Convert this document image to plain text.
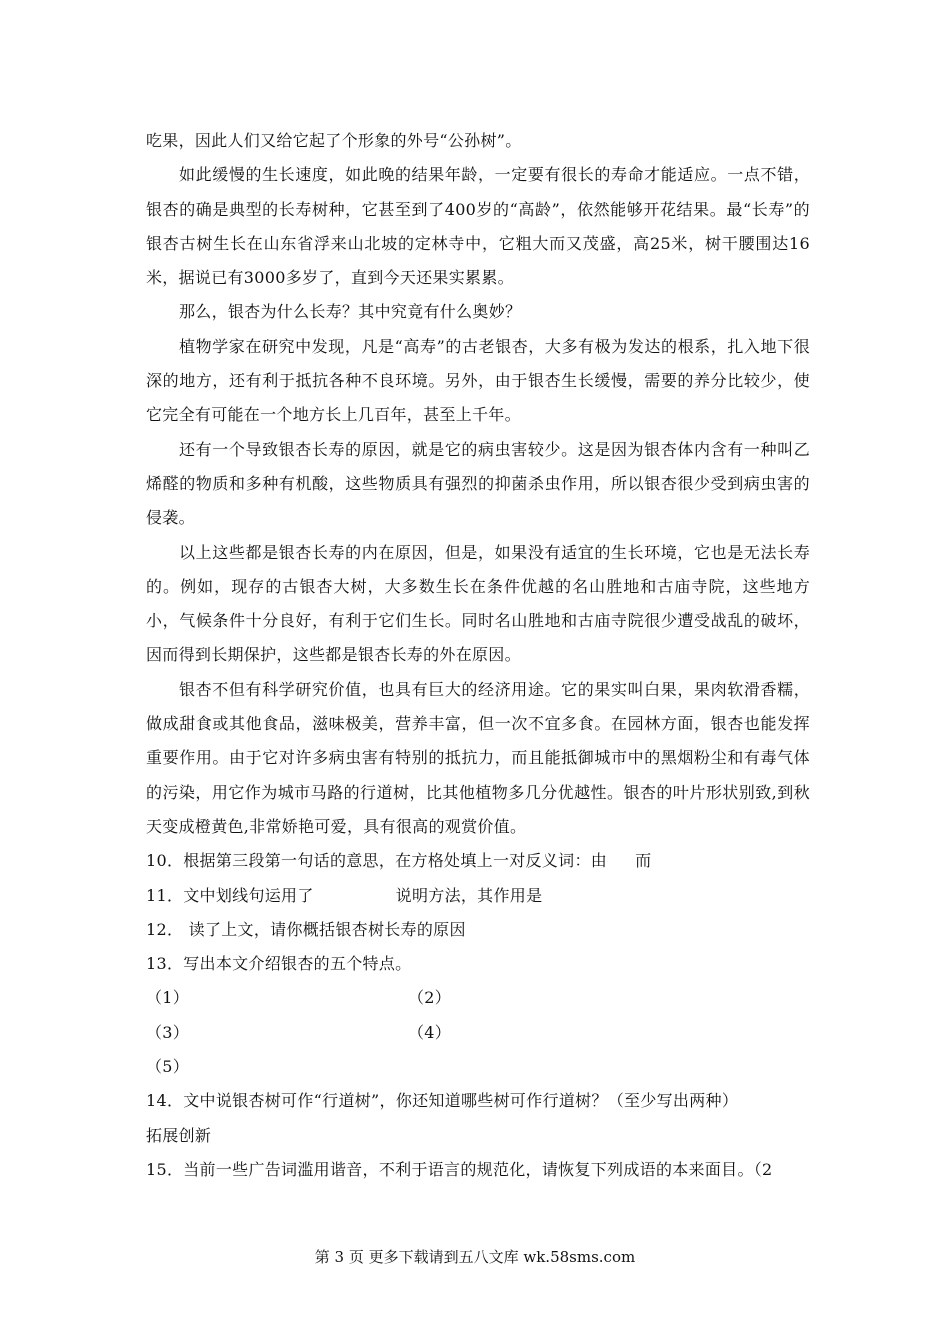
吃果，因此人们又给它起了个形象的外号“公孙树”。

如此缓慢的生长速度，如此晚的结果年龄，一定要有很长的寿命才能适应。一点不错，银杏的确是典型的长寿树种，它甚至到了400岁的“高龄”，依然能够开花结果。最“长寿”的银杏古树生长在山东省浮来山北坡的定林寺中，它粗大而又茂盛，高25米，树干腰围达16米，据说已有3000多岁了，直到今天还果实累累。

那么，银杏为什么长寿？其中究竟有什么奥妙？

植物学家在研究中发现，凡是“高寿”的古老银杏，大多有极为发达的根系，扎入地下很深的地方，还有利于抵抗各种不良环境。另外，由于银杏生长缓慢，需要的养分比较少，使它完全有可能在一个地方长上几百年，甚至上千年。

还有一个导致银杏长寿的原因，就是它的病虫害较少。这是因为银杏体内含有一种叫乙烯醛的物质和多种有机酸，这些物质具有强烈的抑菌杀虫作用，所以银杏很少受到病虫害的侵袭。

以上这些都是银杏长寿的内在原因，但是，如果没有适宜的生长环境，它也是无法长寿的。例如，现存的古银杏大树，大多数生长在条件优越的名山胜地和古庙寺院，这些地方小，气候条件十分良好，有利于它们生长。同时名山胜地和古庙寺院很少遭受战乱的破坏，因而得到长期保护，这些都是银杏长寿的外在原因。

银杏不但有科学研究价值，也具有巨大的经济用途。它的果实叫白果，果肉软滑香糯，做成甜食或其他食品，滋味极美，营养丰富，但一次不宜多食。在园林方面，银杏也能发挥重要作用。由于它对许多病虫害有特别的抵抗力，而且能抵御城市中的黑烟粉尘和有毒气体的污染，用它作为城市马路的行道树，比其他植物多几分优越性。银杏的叶片形状别致,到秋天变成橙黄色,非常娇艳可爱，具有很高的观赏价值。

10．根据第三段第一句话的意思，在方格处填上一对反义词：由 而

11．文中划线句运用了	说明方法，其作用是

12． 读了上文，请你概括银杏树长寿的原因

13．写出本文介绍银杏的五个特点。

（1）	（2）
（3）	（4）
（5）

14．文中说银杏树可作“行道树”，你还知道哪些树可作行道树？（至少写出两种）

拓展创新

15．当前一些广告词滥用谐音，不利于语言的规范化，请恢复下列成语的本来面目。（2

第 3 页 更多下载请到五八文库 wk.58sms.com
